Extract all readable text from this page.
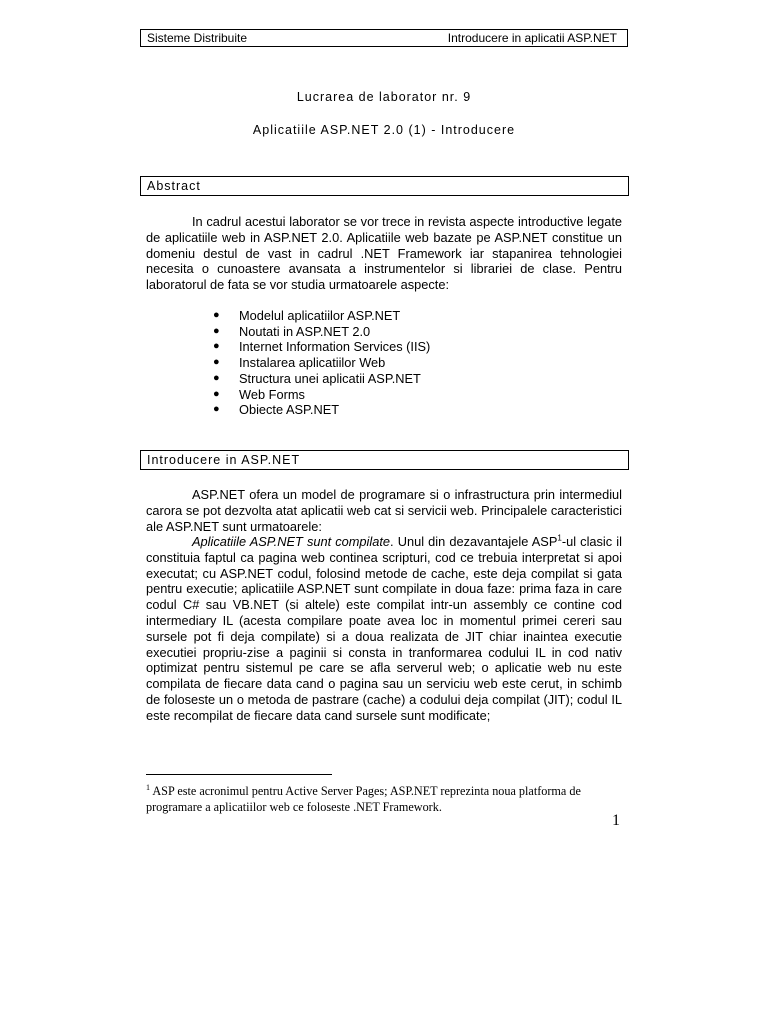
Sisteme Distribuite	Introducere in aplicatii ASP.NET
Lucrarea de laborator nr. 9
Aplicatiile ASP.NET 2.0 (1) - Introducere
Abstract
In cadrul acestui laborator se vor trece in revista aspecte introductive legate de aplicatiile web in ASP.NET 2.0. Aplicatiile web bazate pe ASP.NET constitue un domeniu destul de vast in cadrul .NET Framework iar stapanirea tehnologiei necesita o cunoastere avansata a instrumentelor si librariei de clase. Pentru laboratorul de fata se vor studia urmatoarele aspecte:
● Modelul aplicatiilor ASP.NET
● Noutati in ASP.NET 2.0
● Internet Information Services (IIS)
● Instalarea aplicatiilor Web
● Structura unei aplicatii ASP.NET
● Web Forms
● Obiecte ASP.NET
Introducere in ASP.NET
ASP.NET ofera un model de programare si o infrastructura prin intermediul carora se pot dezvolta atat aplicatii web cat si servicii web. Principalele caracteristici ale ASP.NET sunt urmatoarele:
Aplicatiile ASP.NET sunt compilate. Unul din dezavantajele ASP$^1$-ul clasic il constituia faptul ca pagina web continea scripturi, cod ce trebuia interpretat si apoi executat; cu ASP.NET codul, folosind metode de cache, este deja compilat si gata pentru executie; aplicatiile ASP.NET sunt compilate in doua faze: prima faza in care codul C# sau VB.NET (si altele) este compilat intr-un assembly ce contine cod intermediary IL (acesta compilare poate avea loc in momentul primei cereri sau sursele pot fi deja compilate) si a doua realizata de JIT chiar inaintea executie executiei propriu-zise a paginii si consta in tranformarea codului IL in cod nativ optimizat pentru sistemul pe care se afla serverul web; o aplicatie web nu este compilata de fiecare data cand o pagina sau un serviciu web este cerut, in schimb de foloseste un o metoda de pastrare (cache) a codului deja compilat (JIT); codul IL este recompilat de fiecare data cand sursele sunt modificate;
$^1$ ASP este acronimul pentru Active Server Pages; ASP.NET reprezinta noua platforma de programare a aplicatiilor web ce foloseste .NET Framework.
1
